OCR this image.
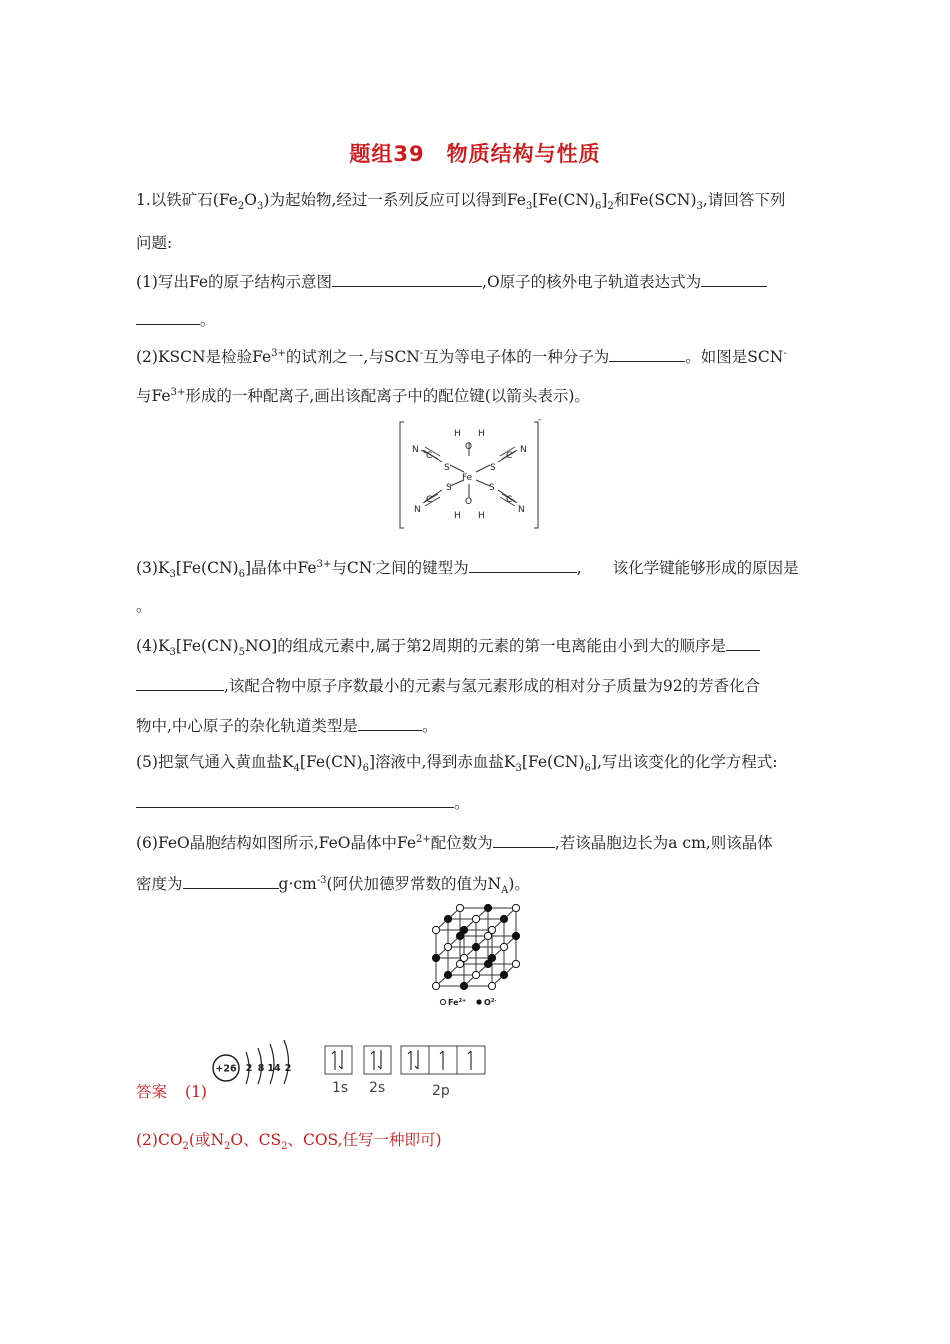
题组39　物质结构与性质
1.以铁矿石$(Fe_2O_3)$为起始物,经过一系列反应可以得到$Fe_3[Fe(CN)_6]_2$和$Fe(SCN)_3$,请回答下列
问题:
(1)写出Fe的原子结构示意图	,O原子的核外电子轨道表达式为
。
(2)KSCN是检验$Fe^{3+}$的试剂之一,与SCN-互为等电子体的一种分子为	。如图是SCN-
与$Fe^{3+}$形成的一种配离子,画出该配离子中的配位键(以箭头表示)。
-
H H
O
Fe
O
H H
S	S
S	S
C	C
C	C
N	N
N	N
$(3)K_3[Fe(CN)_6]$晶体中$Fe^{3+}$与CN-之间的键型为	,　　该化学键能够形成的原因是
。
$(4)K_3[Fe(CN)_5NO]$的组成元素中,属于第2周期的元素的第一电离能由小到大的顺序是
,该配合物中原子序数最小的元素与氢元素形成的相对分子质量为92的芳香化合
物中,中心原子的杂化轨道类型是	。
(5)把氯气通入黄血盐$K_4[Fe(CN)_6]$溶液中,得到赤血盐$K_3[Fe(CN)_6]$,写出该变化的化学方程式:
。
(6)FeO晶胞结构如图所示,FeO晶体中$Fe^{2+}$配位数为	,若该晶胞边长为a cm,则该晶体
密度为	$g\cdot cm^{-3}$(阿伏加德罗常数的值为$N_A$)。
$Fe^{2+}$ $O^{2-}$
答案 (1)
+26 2 8 14 2
1s 2s	2p
$(2)CO_2$(或$N_2O$、$CS_2$、COS,任写一种即可)
